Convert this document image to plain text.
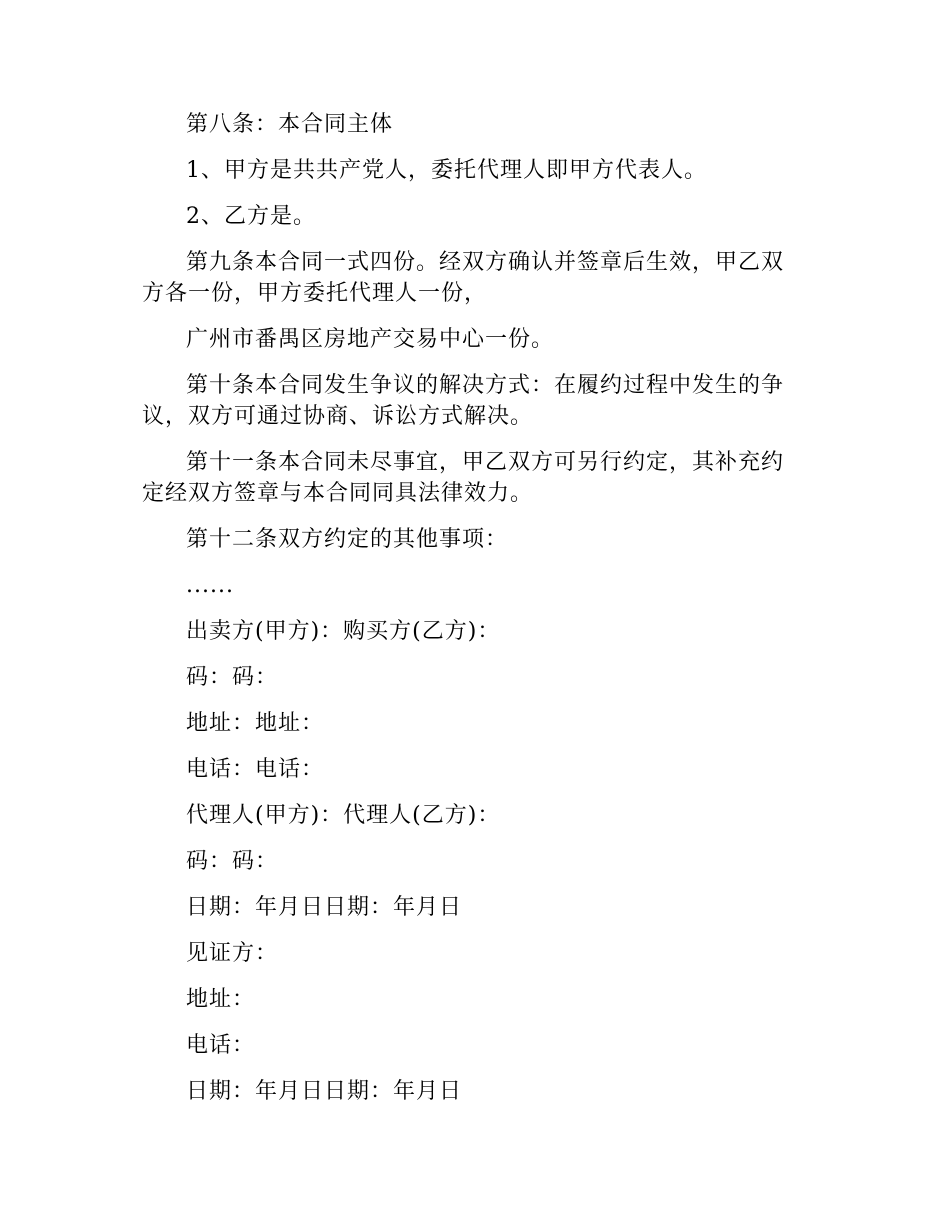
第八条：本合同主体

1、甲方是共共产党人，委托代理人即甲方代表人。

2、乙方是。

第九条本合同一式四份。经双方确认并签章后生效，甲乙双方各一份，甲方委托代理人一份，

广州市番禺区房地产交易中心一份。

第十条本合同发生争议的解决方式：在履约过程中发生的争议，双方可通过协商、诉讼方式解决。

第十一条本合同未尽事宜，甲乙双方可另行约定，其补充约定经双方签章与本合同同具法律效力。

第十二条双方约定的其他事项：

......

出卖方(甲方)：购买方(乙方)：

码：码：

地址：地址：

电话：电话：

代理人(甲方)：代理人(乙方)：

码：码：

日期：年月日日期：年月日

见证方：

地址：

电话：

日期：年月日日期：年月日
